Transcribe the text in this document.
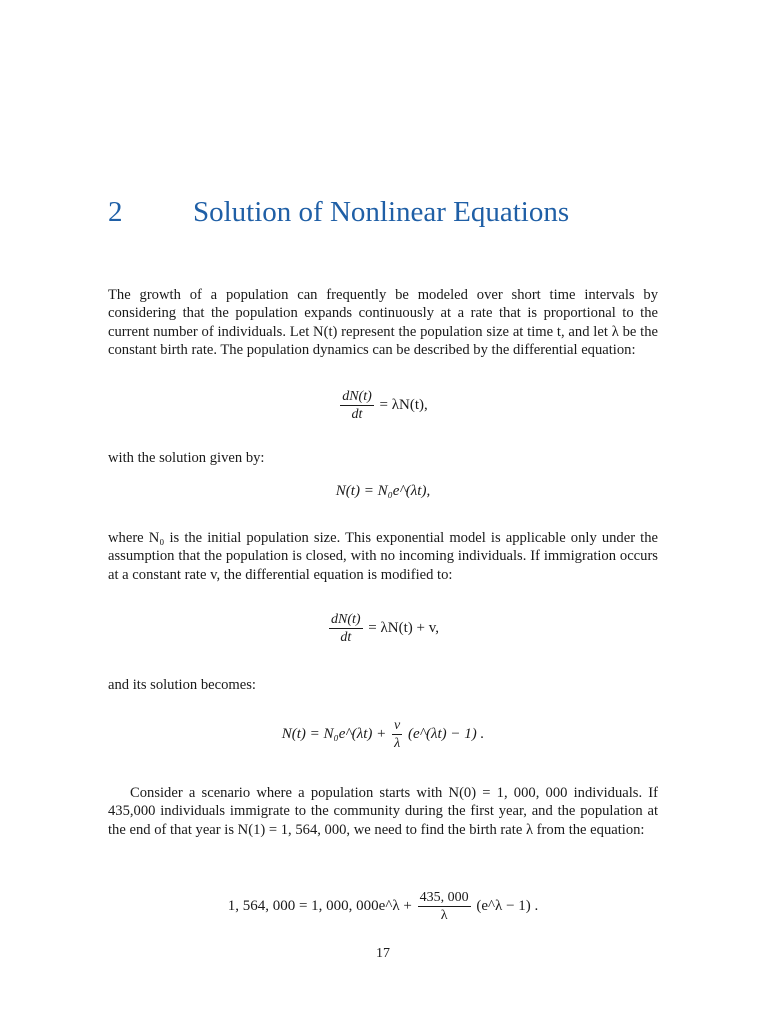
2 Solution of Nonlinear Equations
The growth of a population can frequently be modeled over short time intervals by considering that the population expands continuously at a rate that is proportional to the current number of individuals. Let N(t) represent the population size at time t, and let λ be the constant birth rate. The population dynamics can be described by the differential equation:
$\frac{dN(t)}{dt} = \lambda N(t)$,
with the solution given by:
N(t) = N₀e^(λt),
where N₀ is the initial population size. This exponential model is applicable only under the assumption that the population is closed, with no incoming individuals. If immigration occurs at a constant rate v, the differential equation is modified to:
$\frac{dN(t)}{dt} = \lambda N(t) + v$,
and its solution becomes:
N(t) = N₀e^(λt) + $\frac{v}{\lambda}$ (e^(λt) − 1) .
Consider a scenario where a population starts with N(0) = 1, 000, 000 individuals. If 435,000 individuals immigrate to the community during the first year, and the population at the end of that year is N(1) = 1, 564, 000, we need to find the birth rate λ from the equation:
1, 564, 000 = 1, 000, 000e^λ + $\frac{435, 000}{\lambda}$ (e^λ − 1) .
17
